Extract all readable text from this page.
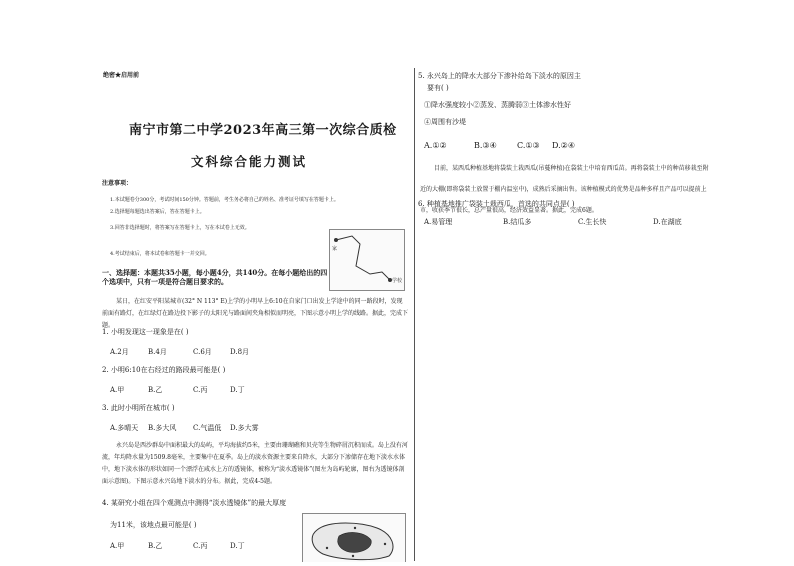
绝密★启用前
南宁市第二中学2023年高三第一次综合质检
文科综合能力测试
注意事项：
1.本试题卷分300分，考试时间150分钟。答题前，考生务必将自己的姓名、准考证号填写在答题卡上。
2.选择题每题选出答案后，答在答题卡上。
3.回答非选择题时，将答案写在答题卡上，写在本试卷上无效。
4.考试结束后，将本试卷和答题卡一并交回。
学校
家
一、选择题：本题共35小题，每小题4分，共140分。在每小题给出的四个选项中，只有一项是符合题目要求的。
某日，在红安平阳某城市(32° N 113° E)上学的小明早上6:10在自家门口出发上学途中的同一路段时，发现前面有路灯，在红绿灯在路边投下影子的太阳光与路面间夹角相似而明亮，下图示意小明上学的线路。据此，完成下题。
1. 小明发现这一现象是在( )
A.2月	B.4月	C.6月	D.8月
2. 小明6:10在右经过的路段最可能是( )
A.甲	B.乙	C.丙	D.丁
3. 此时小明所在城市( )
A.多晴天 B.多大风 C.气温低 D.多大雾
永兴岛是西沙群岛中面积最大的岛屿，平均海拔约5米，主要由珊瑚礁和贝壳等生物碎屑沉积而成。岛上没有河流，年均降水量为1509.8毫米，主要集中在夏季。岛上的淡水资源主要来自降水，大部分下渗储存在地下淡水水体中，地下淡水体的形状如同一个漂浮在咸水上方的透镜体，被称为“淡水透镜体”(图左为岛屿轮廓，图右为透镜体剖面示意图)。下图示意永兴岛地下淡水的分布。据此，完成4-5题。
4. 某研究小组在四个观测点中测得“淡水透镜体”的最大厚度
为11米，该地点最可能是( )
A.甲	B.乙	C.丙	D.丁
5. 永兴岛上的降水大部分下渗补给岛下淡水的原因主
要有( )
①降水强度较小②蒸发、蒸腾弱③土体渗水性好
④周围有沙堤
A.①②	B.③④	C.①③ D.②④
目前，某西瓜种植基地将袋装土栽西瓜(吊蔓种植)在袋装土中培育西瓜苗。再将袋装土中的种苗移栽至附近的大棚(即将袋装土放置于棚内温室中)，成熟后采摘出售。该种植模式的优势是品种多样且产品可以提前上市，收获季节很长，总产量很高，经济效益显著。据此，完成6题。
6. 种植基地推广袋装土栽西瓜，首选的共同点是( )
A.易管理	B.结瓜多	C.生长快	D.在湖底
